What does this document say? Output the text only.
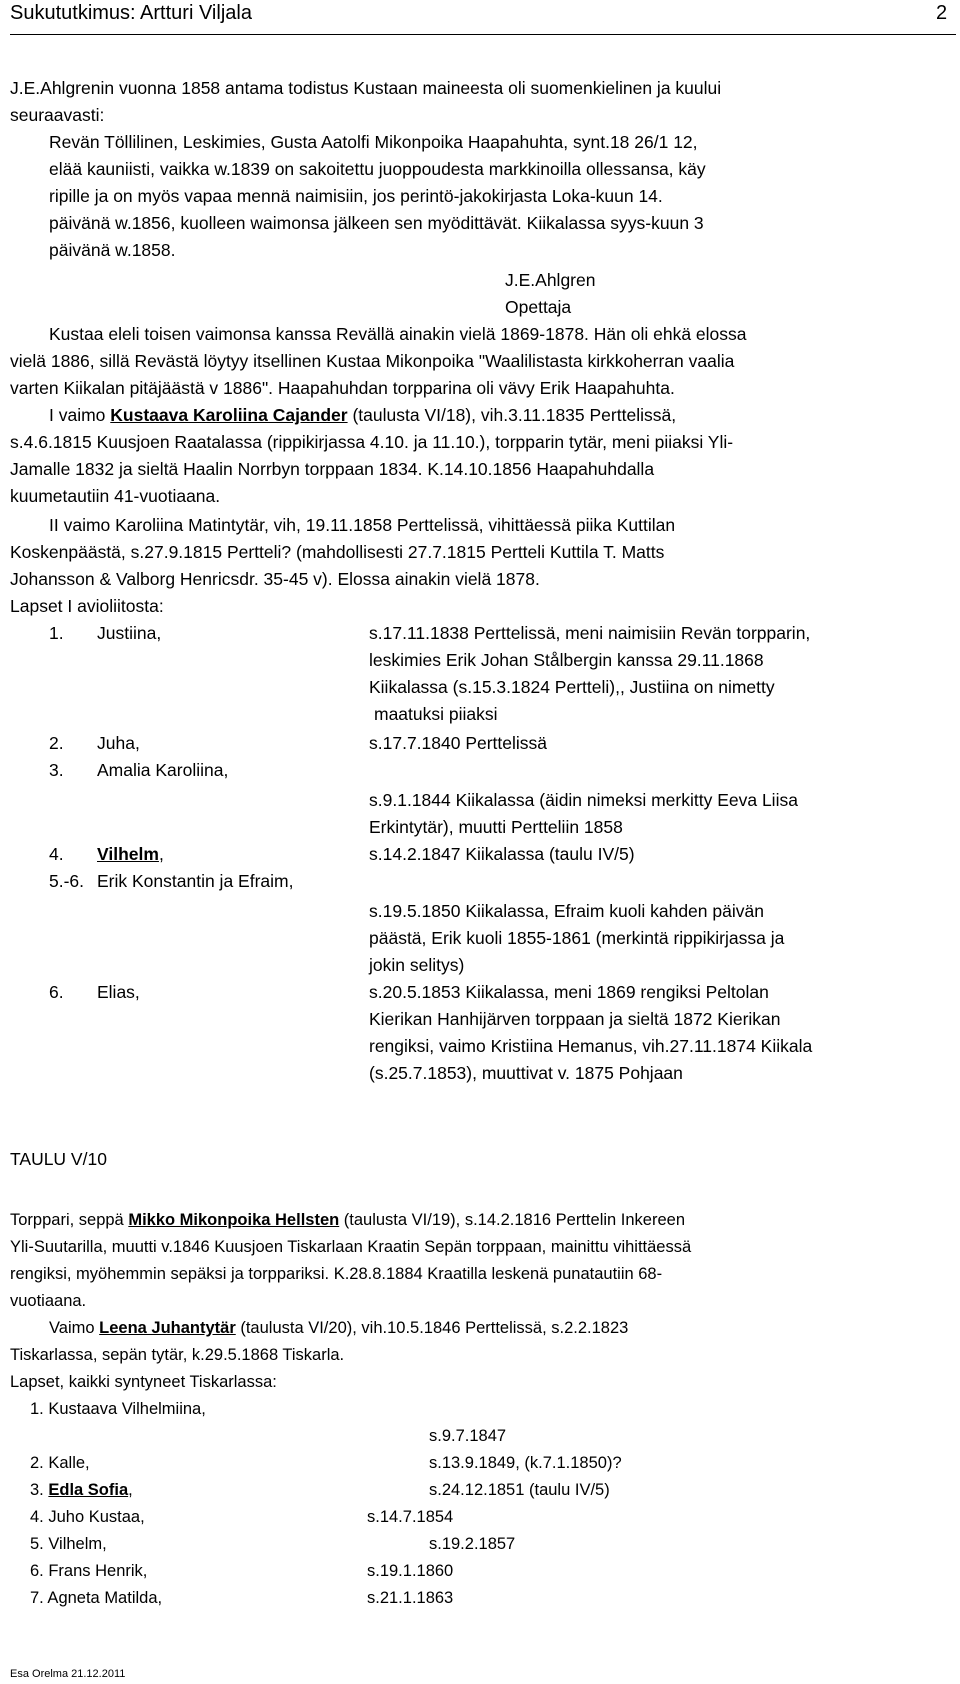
Sukututkimus: Artturi Viljala	2
J.E.Ahlgrenin vuonna 1858 antama todistus Kustaan maineesta oli suomenkielinen ja kuului
seuraavasti:
Revän Töllilinen, Leskimies, Gusta Aatolfi Mikonpoika Haapahuhta, synt.18 26/1 12,
elää kauniisti, vaikka w.1839 on sakoitettu juoppoudesta markkinoilla ollessansa, käy
ripille ja on myös vapaa mennä naimisiin, jos perintö-jakokirjasta Loka-kuun 14.
päivänä w.1856, kuolleen waimonsa jälkeen sen myödittävät. Kiikalassa syys-kuun 3
päivänä w.1858.
J.E.Ahlgren
Opettaja
Kustaa eleli toisen vaimonsa kanssa Revällä ainakin vielä 1869-1878. Hän oli ehkä elossa
vielä 1886, sillä Revästä löytyy itsellinen Kustaa Mikonpoika "Waalilistasta kirkkoherran vaalia
varten Kiikalan pitäjäästä v 1886". Haapahuhdan torpparina oli vävy Erik Haapahuhta.
I vaimo Kustaava Karoliina Cajander (taulusta VI/18), vih.3.11.1835 Perttelissä,
s.4.6.1815 Kuusjoen Raatalassa (rippikirjassa 4.10. ja 11.10.), torpparin tytär, meni piiaksi Yli-
Jamalle 1832 ja sieltä Haalin Norrbyn torppaan 1834. K.14.10.1856 Haapahuhdalla
kuumetautiin 41-vuotiaana.
II vaimo Karoliina Matintytär, vih, 19.11.1858 Perttelissä, vihittäessä piika Kuttilan
Koskenpäästä, s.27.9.1815 Pertteli? (mahdollisesti 27.7.1815 Pertteli Kuttila T. Matts
Johansson & Valborg Henricsdr. 35-45 v). Elossa ainakin vielä 1878.
Lapset I avioliitosta:
1. Justiina,	s.17.11.1838 Perttelissä, meni naimisiin Revän torpparin,
leskimies Erik Johan Stålbergin kanssa 29.11.1868
Kiikalassa (s.15.3.1824 Pertteli),, Justiina on nimetty
maatuksi piiaksi
2. Juha,	s.17.7.1840 Perttelissä
3. Amalia Karoliina,
s.9.1.1844 Kiikalassa (äidin nimeksi merkitty Eeva Liisa
Erkintytär), muutti Pertteliin 1858
4. Vilhelm,	s.14.2.1847 Kiikalassa (taulu IV/5)
5.-6. Erik Konstantin ja Efraim,
s.19.5.1850 Kiikalassa, Efraim kuoli kahden päivän
päästä, Erik kuoli 1855-1861 (merkintä rippikirjassa ja
jokin selitys)
6. Elias,	s.20.5.1853 Kiikalassa, meni 1869 rengiksi Peltolan
Kierikan Hanhijärven torppaan ja sieltä 1872 Kierikan
rengiksi, vaimo Kristiina Hemanus, vih.27.11.1874 Kiikala
(s.25.7.1853), muuttivat v. 1875 Pohjaan
TAULU V/10
Torppari, seppä Mikko Mikonpoika Hellsten (taulusta VI/19), s.14.2.1816 Perttelin Inkereen
Yli-Suutarilla, muutti v.1846 Kuusjoen Tiskarlaan Kraatin Sepän torppaan, mainittu vihittäessä
rengiksi, myöhemmin sepäksi ja torppariksi. K.28.8.1884 Kraatilla leskenä punatautiin 68-
vuotiaana.
Vaimo Leena Juhantytär (taulusta VI/20), vih.10.5.1846 Perttelissä, s.2.2.1823
Tiskarlassa, sepän tytär, k.29.5.1868 Tiskarla.
Lapset, kaikki syntyneet Tiskarlassa:
1. Kustaava Vilhelmiina,
s.9.7.1847
2. Kalle,	s.13.9.1849, (k.7.1.1850)?
3. Edla Sofia,	s.24.12.1851 (taulu IV/5)
4. Juho Kustaa,	s.14.7.1854
5. Vilhelm,	s.19.2.1857
6. Frans Henrik,	s.19.1.1860
7. Agneta Matilda,	s.21.1.1863
Esa Orelma 21.12.2011
